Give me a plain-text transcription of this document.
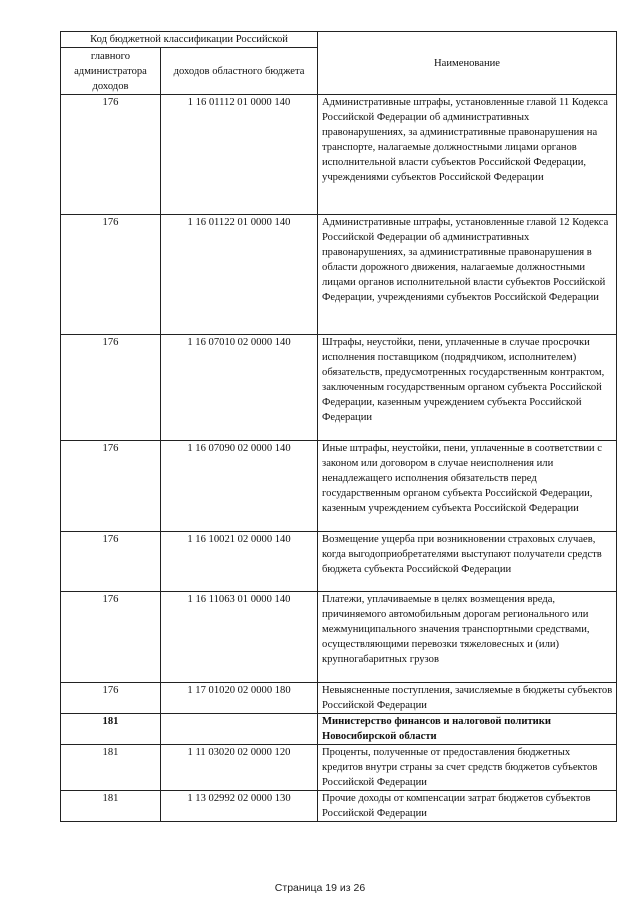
Код бюджетной классификации Российской		Наименование
главного администратора доходов	доходов областного бюджета	
176	1 16 01112 01 0000 140	Административные штрафы, установленные главой 11 Кодекса Российской Федерации об административных правонарушениях, за административные правонарушения на транспорте, налагаемые должностными лицами органов исполнительной власти субъектов Российской Федерации, учреждениями субъектов Российской Федерации
176	1 16 01122 01 0000 140	Административные штрафы, установленные главой 12 Кодекса Российской Федерации об административных правонарушениях, за административные правонарушения в области дорожного движения, налагаемые должностными лицами органов исполнительной власти субъектов Российской Федерации, учреждениями субъектов Российской Федерации
176	1 16 07010 02 0000 140	Штрафы, неустойки, пени, уплаченные в случае просрочки исполнения поставщиком (подрядчиком, исполнителем) обязательств, предусмотренных государственным контрактом, заключенным государственным органом субъекта Российской Федерации, казенным учреждением субъекта Российской Федерации
176	1 16 07090 02 0000 140	Иные штрафы, неустойки, пени, уплаченные в соответствии с законом или договором в случае неисполнения или ненадлежащего исполнения обязательств перед государственным органом субъекта Российской Федерации, казенным учреждением субъекта Российской Федерации
176	1 16 10021 02 0000 140	Возмещение ущерба при возникновении страховых случаев, когда выгодоприобретателями выступают получатели средств бюджета субъекта Российской Федерации
176	1 16 11063 01 0000 140	Платежи, уплачиваемые в целях возмещения вреда, причиняемого автомобильным дорогам регионального или межмуниципального значения транспортными средствами, осуществляющими перевозки тяжеловесных и (или) крупногабаритных грузов
176	1 17 01020 02 0000 180	Невыясненные поступления, зачисляемые в бюджеты субъектов Российской Федерации
181		Министерство финансов и налоговой политики Новосибирской области
181	1 11 03020 02 0000 120	Проценты, полученные от предоставления бюджетных кредитов внутри страны за счет средств бюджетов субъектов Российской Федерации
181	1 13 02992 02 0000 130	Прочие доходы от компенсации затрат бюджетов субъектов Российской Федерации
Страница 19 из 26
